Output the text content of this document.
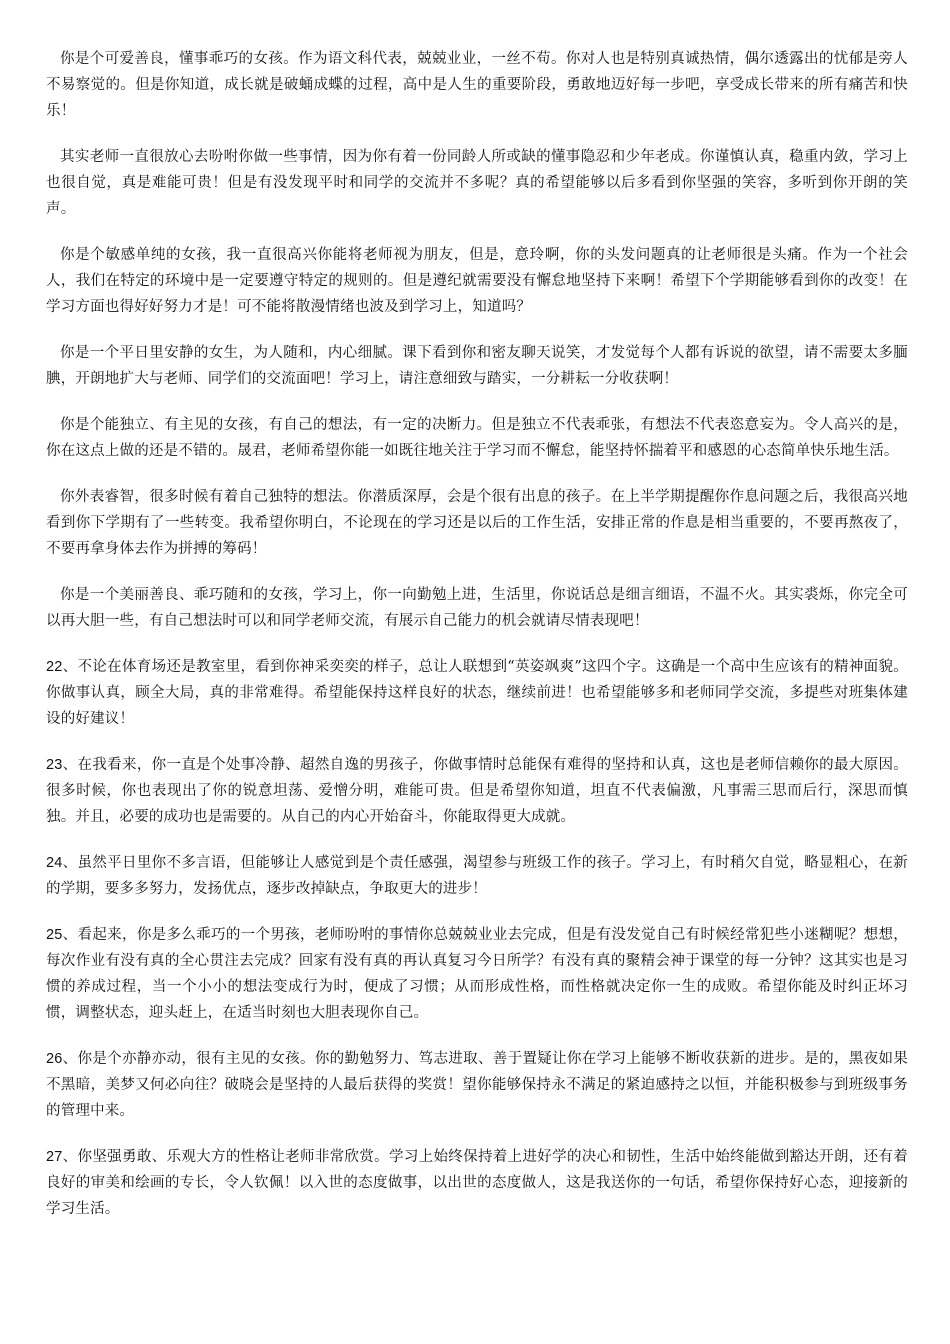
你是个可爱善良，懂事乖巧的女孩。作为语文科代表，兢兢业业，一丝不苟。你对人也是特别真诚热情，偶尔透露出的忧郁是旁人不易察觉的。但是你知道，成长就是破蛹成蝶的过程，高中是人生的重要阶段，勇敢地迈好每一步吧，享受成长带来的所有痛苦和快乐！

其实老师一直很放心去吩咐你做一些事情，因为你有着一份同龄人所或缺的懂事隐忍和少年老成。你谨慎认真，稳重内敛，学习上也很自觉，真是难能可贵！但是有没发现平时和同学的交流并不多呢？真的希望能够以后多看到你坚强的笑容，多听到你开朗的笑声。

你是个敏感单纯的女孩，我一直很高兴你能将老师视为朋友，但是，意玲啊，你的头发问题真的让老师很是头痛。作为一个社会人，我们在特定的环境中是一定要遵守特定的规则的。但是遵纪就需要没有懈怠地坚持下来啊！希望下个学期能够看到你的改变！在学习方面也得好好努力才是！可不能将散漫情绪也波及到学习上，知道吗？

你是一个平日里安静的女生，为人随和，内心细腻。课下看到你和密友聊天说笑，才发觉每个人都有诉说的欲望，请不需要太多腼腆，开朗地扩大与老师、同学们的交流面吧！学习上，请注意细致与踏实，一分耕耘一分收获啊！

你是个能独立、有主见的女孩，有自己的想法，有一定的决断力。但是独立不代表乖张，有想法不代表恣意妄为。令人高兴的是，你在这点上做的还是不错的。晟君，老师希望你能一如既往地关注于学习而不懈怠，能坚持怀揣着平和感恩的心态简单快乐地生活。

你外表睿智，很多时候有着自己独特的想法。你潜质深厚，会是个很有出息的孩子。在上半学期提醒你作息问题之后，我很高兴地看到你下学期有了一些转变。我希望你明白，不论现在的学习还是以后的工作生活，安排正常的作息是相当重要的，不要再熬夜了，不要再拿身体去作为拼搏的筹码！

你是一个美丽善良、乖巧随和的女孩，学习上，你一向勤勉上进，生活里，你说话总是细言细语，不温不火。其实裘烁，你完全可以再大胆一些，有自己想法时可以和同学老师交流，有展示自己能力的机会就请尽情表现吧！

22、不论在体育场还是教室里，看到你神采奕奕的样子，总让人联想到“英姿飒爽”这四个字。这确是一个高中生应该有的精神面貌。你做事认真，顾全大局，真的非常难得。希望能保持这样良好的状态，继续前进！也希望能够多和老师同学交流，多提些对班集体建设的好建议！

23、在我看来，你一直是个处事冷静、超然自逸的男孩子，你做事情时总能保有难得的坚持和认真，这也是老师信赖你的最大原因。很多时候，你也表现出了你的锐意坦荡、爱憎分明，难能可贵。但是希望你知道，坦直不代表偏激，凡事需三思而后行，深思而慎独。并且，必要的成功也是需要的。从自己的内心开始奋斗，你能取得更大成就。

24、虽然平日里你不多言语，但能够让人感觉到是个责任感强，渴望参与班级工作的孩子。学习上，有时稍欠自觉，略显粗心，在新的学期，要多多努力，发扬优点，逐步改掉缺点，争取更大的进步！

25、看起来，你是多么乖巧的一个男孩，老师吩咐的事情你总兢兢业业去完成，但是有没发觉自己有时候经常犯些小迷糊呢？想想，每次作业有没有真的全心贯注去完成？回家有没有真的再认真复习今日所学？有没有真的聚精会神于课堂的每一分钟？这其实也是习惯的养成过程，当一个小小的想法变成行为时，便成了习惯；从而形成性格，而性格就决定你一生的成败。希望你能及时纠正坏习惯，调整状态，迎头赶上，在适当时刻也大胆表现你自己。

26、你是个亦静亦动，很有主见的女孩。你的勤勉努力、笃志进取、善于置疑让你在学习上能够不断收获新的进步。是的，黑夜如果不黑暗，美梦又何必向往？破晓会是坚持的人最后获得的奖赏！望你能够保持永不满足的紧迫感持之以恒，并能积极参与到班级事务的管理中来。

27、你坚强勇敢、乐观大方的性格让老师非常欣赏。学习上始终保持着上进好学的决心和韧性，生活中始终能做到豁达开朗，还有着良好的审美和绘画的专长，令人钦佩！以入世的态度做事，以出世的态度做人，这是我送你的一句话，希望你保持好心态，迎接新的学习生活。
